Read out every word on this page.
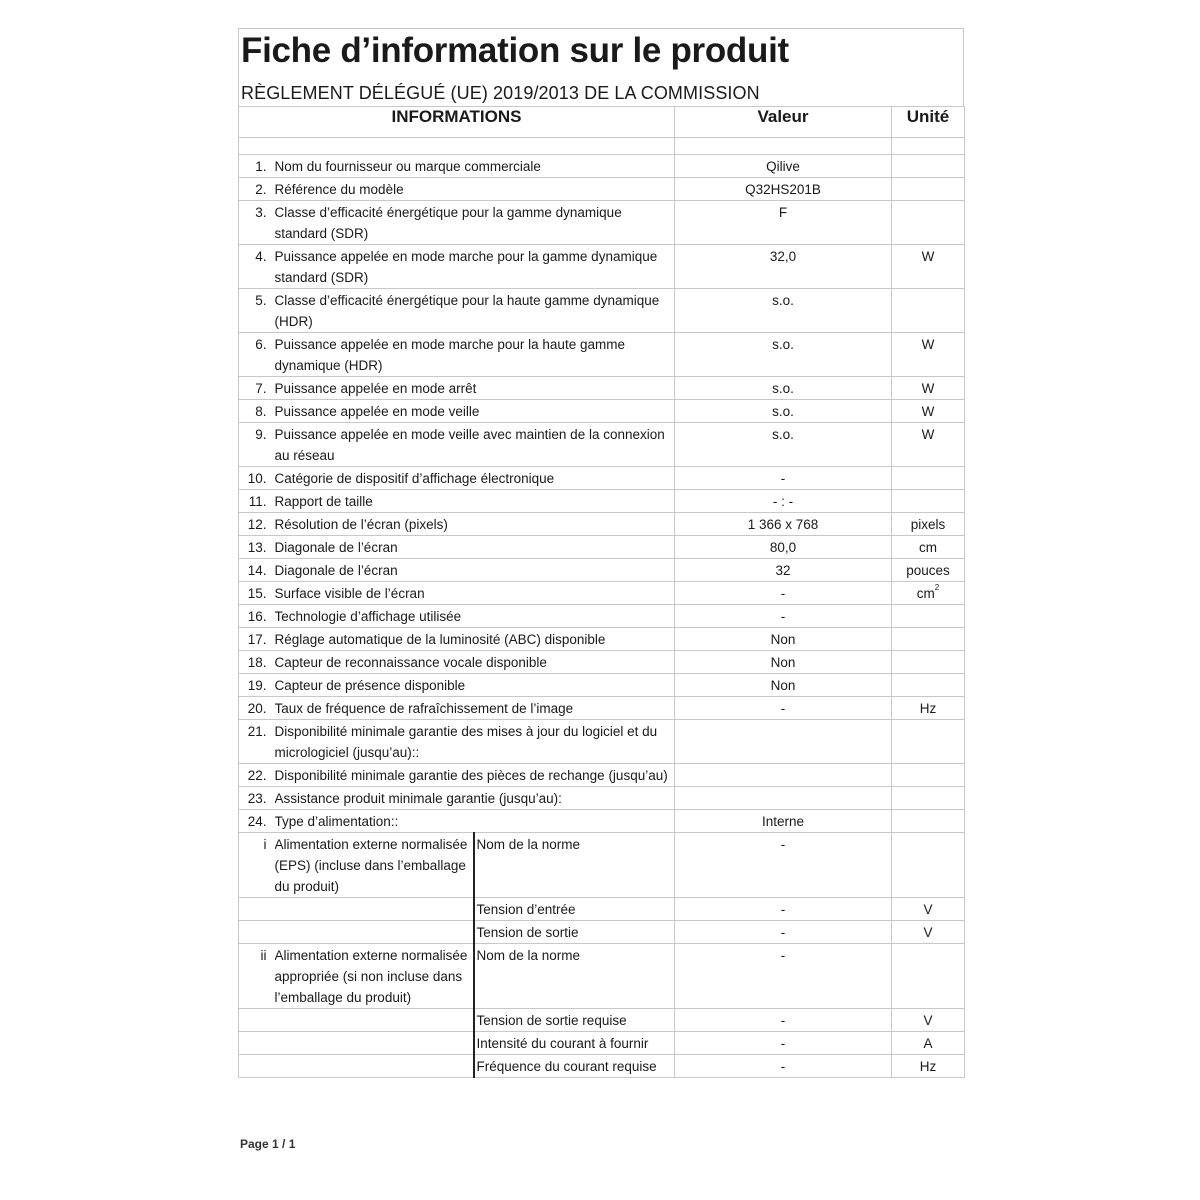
Fiche d’information sur le produit
RÈGLEMENT DÉLÉGUÉ (UE) 2019/2013 DE LA COMMISSION
INFORMATIONS			Valeur	Unité

1.	Nom du fournisseur ou marque commerciale		Qilive	
2.	Référence du modèle		Q32HS201B	
3.	Classe d’efficacité énergétique pour la gamme dynamique standard (SDR)		F	
4.	Puissance appelée en mode marche pour la gamme dynamique standard (SDR)		32,0	W
5.	Classe d’efficacité énergétique pour la haute gamme dynamique (HDR)		s.o.	
6.	Puissance appelée en mode marche pour la haute gamme dynamique (HDR)		s.o.	W
7.	Puissance appelée en mode arrêt		s.o.	W
8.	Puissance appelée en mode veille		s.o.	W
9.	Puissance appelée en mode veille avec maintien de la connexion au réseau		s.o.	W
10.	Catégorie de dispositif d’affichage électronique		-	
11.	Rapport de taille		- : -	
12.	Résolution de l’écran (pixels)		1 366 x 768	pixels
13.	Diagonale de l’écran		80,0	cm
14.	Diagonale de l’écran		32	pouces
15.	Surface visible de l’écran		-	$cm^2$
16.	Technologie d’affichage utilisée		-	
17.	Réglage automatique de la luminosité (ABC) disponible		Non	
18.	Capteur de reconnaissance vocale disponible		Non	
19.	Capteur de présence disponible		Non	
20.	Taux de fréquence de rafraîchissement de l’image		-	Hz
21.	Disponibilité minimale garantie des mises à jour du logiciel et du micrologiciel (jusqu’au)::			
22.	Disponibilité minimale garantie des pièces de rechange (jusqu’au)			
23.	Assistance produit minimale garantie (jusqu’au):			
24.	Type d’alimentation::		Interne	
i	Alimentation externe normalisée (EPS) (incluse dans l’emballage du produit)	Nom de la norme	-	
		Tension d’entrée	-	V
		Tension de sortie	-	V
ii	Alimentation externe normalisée appropriée (si non incluse dans l’emballage du produit)	Nom de la norme	-	
		Tension de sortie requise	-	V
		Intensité du courant à fournir	-	A
		Fréquence du courant requise	-	Hz
Page 1 / 1
